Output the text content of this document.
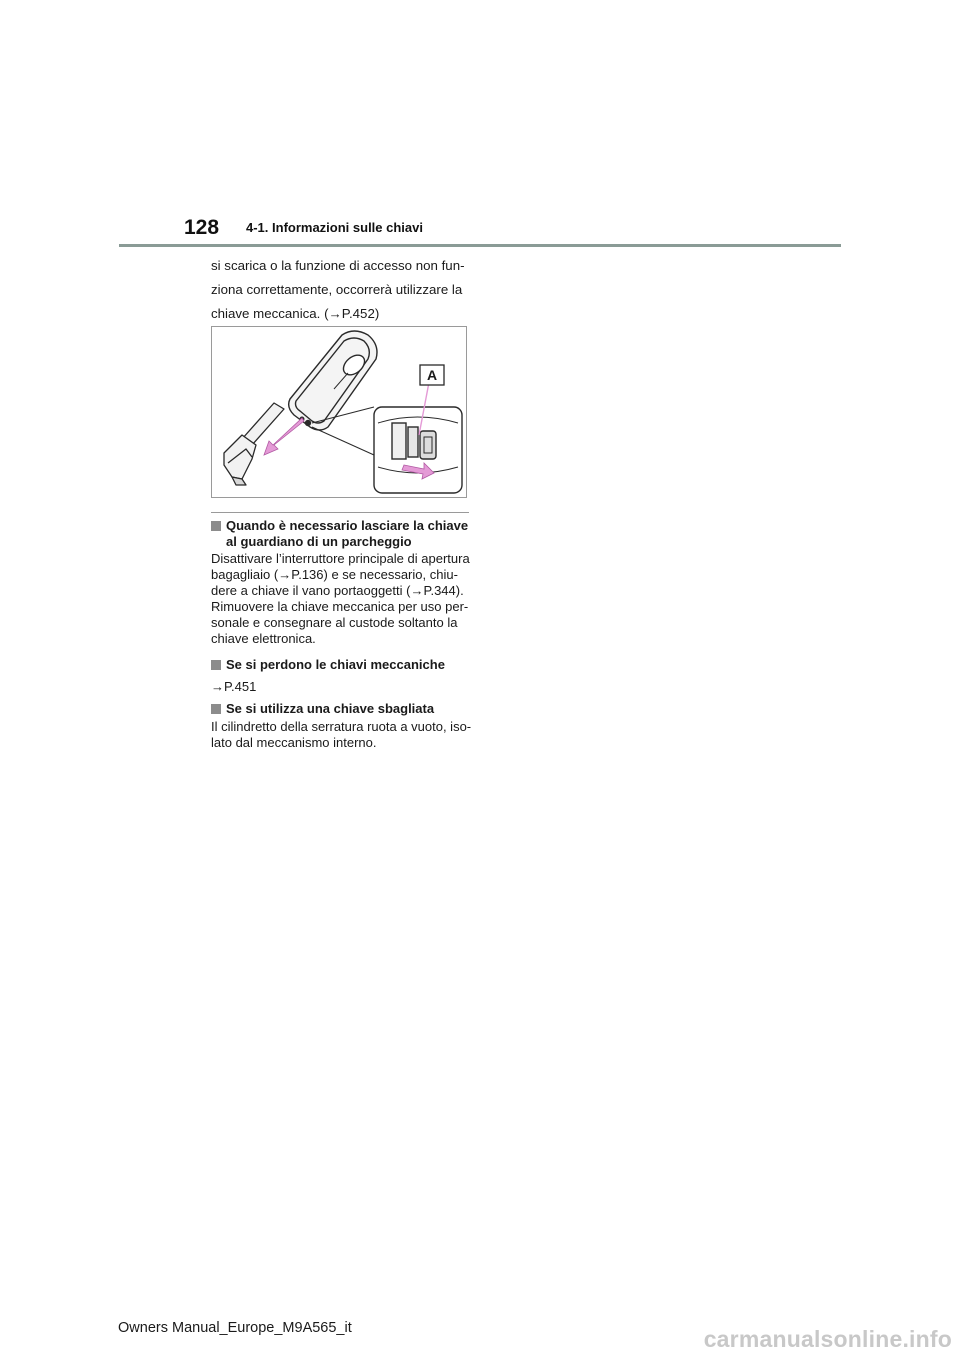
128 4-1. Informazioni sulle chiavi
si scarica o la funzione di accesso non fun-
ziona correttamente, occorrerà utilizzare la
chiave meccanica. (→P.452)
A
Quando è necessario lasciare la chiave al guardiano di un parcheggio
Disattivare l’interruttore principale di apertura bagagliaio (→P.136) e se necessario, chiu-dere a chiave il vano portaoggetti (→P.344). Rimuovere la chiave meccanica per uso per-sonale e consegnare al custode soltanto la chiave elettronica.
Se si perdono le chiavi meccaniche
→P.451
Se si utilizza una chiave sbagliata
Il cilindretto della serratura ruota a vuoto, iso-lato dal meccanismo interno.
Owners Manual_Europe_M9A565_it	carmanualsonline.info
